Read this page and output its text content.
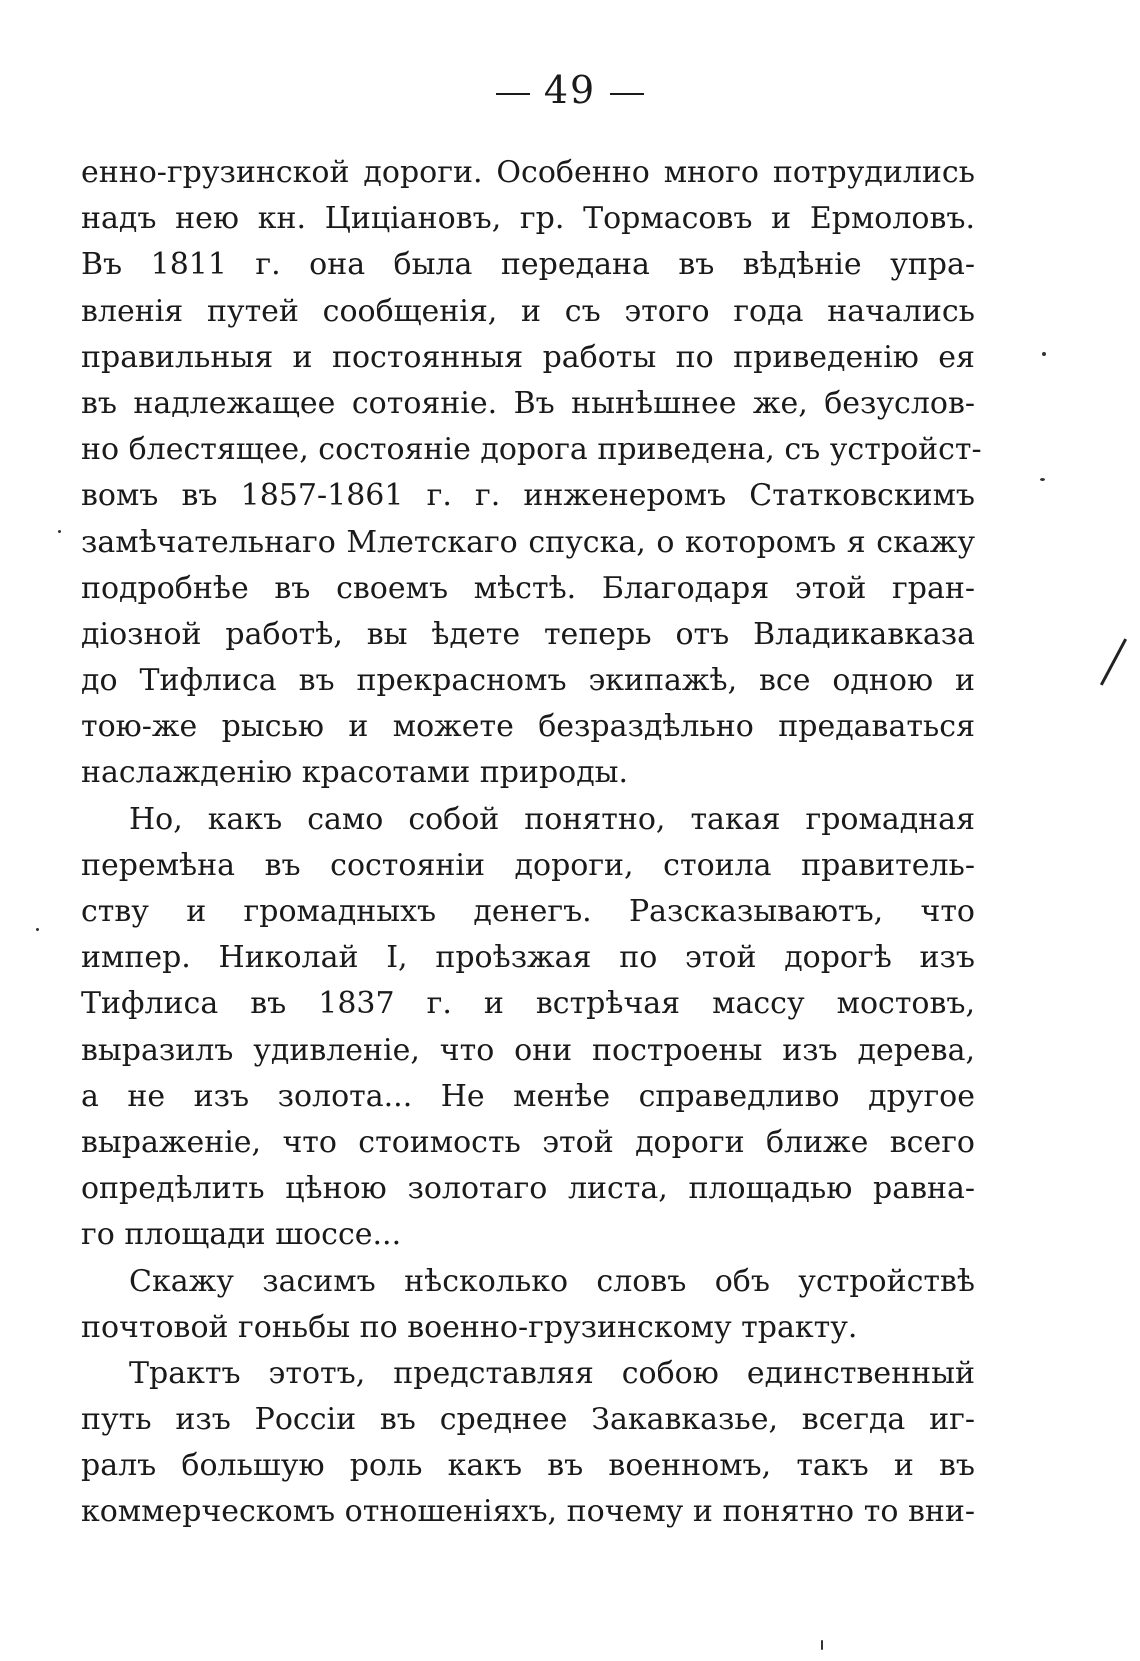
49
енно-грузинской дороги. Особенно много потрудились
надъ нею кн. Цицiановъ, гр. Тормасовъ и Ермоловъ.
Въ 1811 г. она была передана въ вѣдѣнiе упра-
вленiя путей сообщенiя, и съ этого года начались
правильныя и постоянныя работы по приведенiю ея
въ надлежащее сотоянiе. Въ нынѣшнее же, безуслов-
но блестящее, состоянiе дорога приведена, съ устройст-
вомъ въ 1857-1861 г. г. инженеромъ Статковскимъ
замѣчательнаго Млетскаго спуска, о которомъ я скажу
подробнѣе въ своемъ мѣстѣ. Благодаря этой гран-
дiозной работѣ, вы ѣдете теперь отъ Владикавказа
до Тифлиса въ прекрасномъ экипажѣ, все одною и
тою-же рысью и можете безраздѣльно предаваться
наслажденiю красотами природы.
Но, какъ само собой понятно, такая громадная
перемѣна въ состоянiи дороги, стоила правитель-
ству и громадныхъ денегъ. Разсказываютъ, что
импер. Николай I, проѣзжая по этой дорогѣ изъ
Тифлиса въ 1837 г. и встрѣчая массу мостовъ,
выразилъ удивленiе, что они построены изъ дерева,
а не изъ золота... Не менѣе справедливо другое
выраженiе, что стоимость этой дороги ближе всего
опредѣлить цѣною золотаго листа, площадью равна-
го площади шоссе...
Скажу засимъ нѣсколько словъ объ устройствѣ
почтовой гоньбы по военно-грузинскому тракту.
Трактъ этотъ, представляя собою единственный
путь изъ Россiи въ среднее Закавказье, всегда иг-
ралъ большую роль какъ въ военномъ, такъ и въ
коммерческомъ отношенiяхъ, почему и понятно то вни-
